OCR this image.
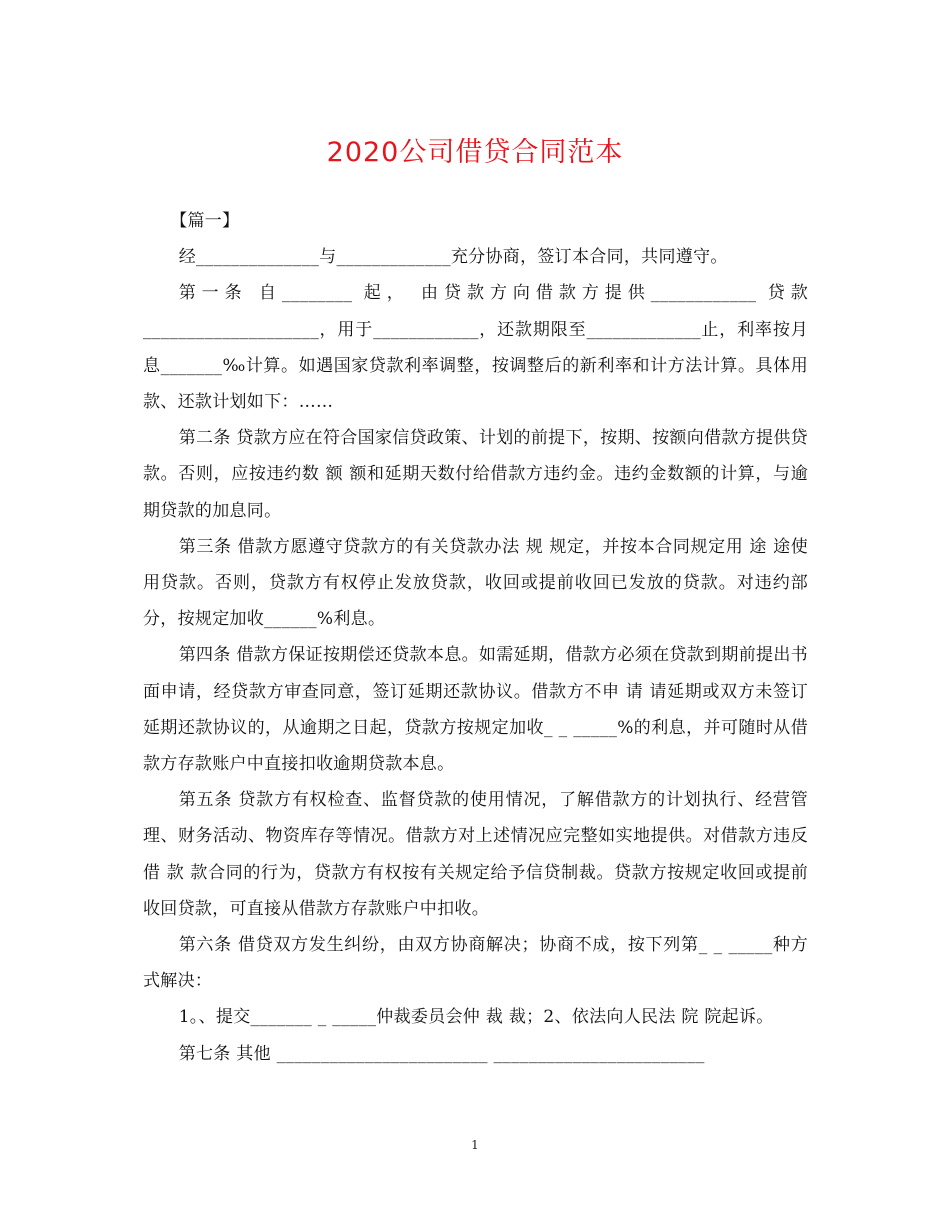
2020公司借贷合同范本

【篇一】

经______________与_____________充分协商，签订本合同，共同遵守。

第一条 自________ 起， 由贷款方向借款方提供____________ 贷款____________________，用于____________，还款期限至_____________止，利率按月息_______‰计算。如遇国家贷款利率调整，按调整后的新利率和计方法计算。具体用款、还款计划如下：……

第二条 贷款方应在符合国家信贷政策、计划的前提下，按期、按额向借款方提供贷款。否则，应按违约数 额 额和延期天数付给借款方违约金。违约金数额的计算，与逾期贷款的加息同。

第三条 借款方愿遵守贷款方的有关贷款办法 规 规定，并按本合同规定用 途 途使用贷款。否则，贷款方有权停止发放贷款，收回或提前收回已发放的贷款。对违约部分，按规定加收______%利息。

第四条 借款方保证按期偿还贷款本息。如需延期，借款方必须在贷款到期前提出书面申请，经贷款方审查同意，签订延期还款协议。借款方不申 请 请延期或双方未签订延期还款协议的，从逾期之日起，贷款方按规定加收_ _ _____%的利息，并可随时从借款方存款账户中直接扣收逾期贷款本息。

第五条 贷款方有权检查、监督贷款的使用情况，了解借款方的计划执行、经营管理、财务活动、物资库存等情况。借款方对上述情况应完整如实地提供。对借款方违反借 款 款合同的行为，贷款方有权按有关规定给予信贷制裁。贷款方按规定收回或提前收回贷款，可直接从借款方存款账户中扣收。

第六条 借贷双方发生纠纷，由双方协商解决；协商不成，按下列第_ _ _____种方式解决：

1。、提交_______ _ _____仲裁委员会仲 裁 裁；2、依法向人民法 院 院起诉。

第七条 其他 ________________________ ________________________

1
